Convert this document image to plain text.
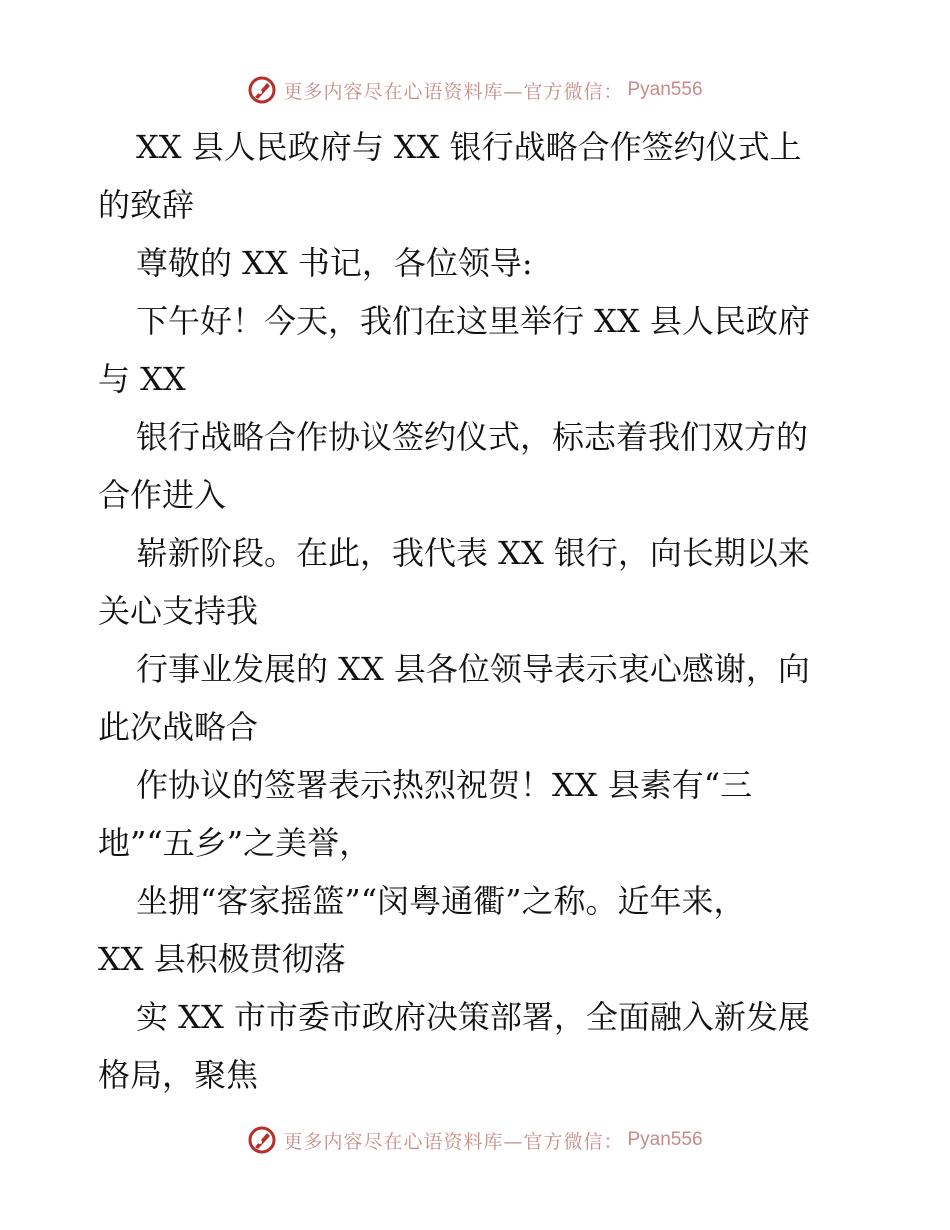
更多内容尽在心语资料库—官方微信： Pyan556
XX 县人民政府与 XX 银行战略合作签约仪式上
的致辞
尊敬的 XX 书记，各位领导:
下午好！今天，我们在这里举行 XX 县人民政府
与 XX
银行战略合作协议签约仪式，标志着我们双方的
合作进入
崭新阶段。在此，我代表 XX 银行，向长期以来
关心支持我
行事业发展的 XX 县各位领导表示衷心感谢，向
此次战略合
作协议的签署表示热烈祝贺！XX 县素有“三
地”“五乡”之美誉，
坐拥“客家摇篮”“闵粤通衢”之称。近年来，
XX 县积极贯彻落
实 XX 市市委市政府决策部署，全面融入新发展
格局，聚焦
更多内容尽在心语资料库—官方微信： Pyan556
